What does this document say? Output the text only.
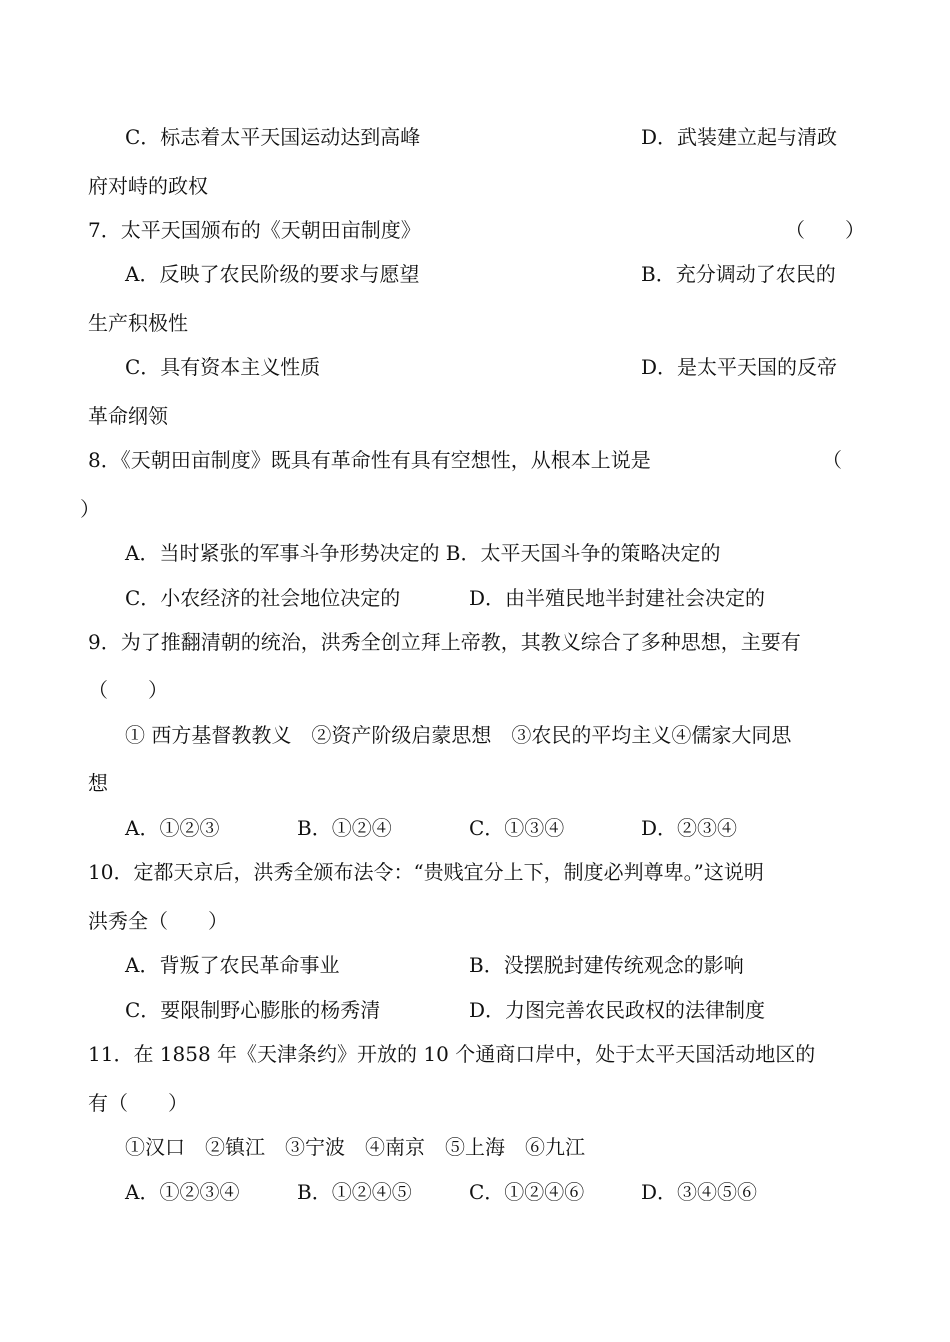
C．标志着太平天国运动达到高峰	D．武装建立起与清政
府对峙的政权
7．太平天国颁布的《天朝田亩制度》	（　　）
A．反映了农民阶级的要求与愿望	B．充分调动了农民的
生产积极性
C．具有资本主义性质	D．是太平天国的反帝
革命纲领
8．《天朝田亩制度》既具有革命性有具有空想性，从根本上说是	（
）
A．当时紧张的军事斗争形势决定的 B．太平天国斗争的策略决定的
C．小农经济的社会地位决定的	D．由半殖民地半封建社会决定的
9．为了推翻清朝的统治，洪秀全创立拜上帝教，其教义综合了多种思想，主要有
（　　）
① 西方基督教教义　②资产阶级启蒙思想　③农民的平均主义④儒家大同思
想
A．①②③	B．①②④	C．①③④	D．②③④
10．定都天京后，洪秀全颁布法令：“贵贱宜分上下，制度必判尊卑。”这说明
洪秀全（　　）
A．背叛了农民革命事业	B．没摆脱封建传统观念的影响
C．要限制野心膨胀的杨秀清	D．力图完善农民政权的法律制度
11．在 1858 年《天津条约》开放的 10 个通商口岸中，处于太平天国活动地区的
有（　　）
①汉口　②镇江　③宁波　④南京　⑤上海　⑥九江
A．①②③④	B．①②④⑤	C．①②④⑥	D．③④⑤⑥
